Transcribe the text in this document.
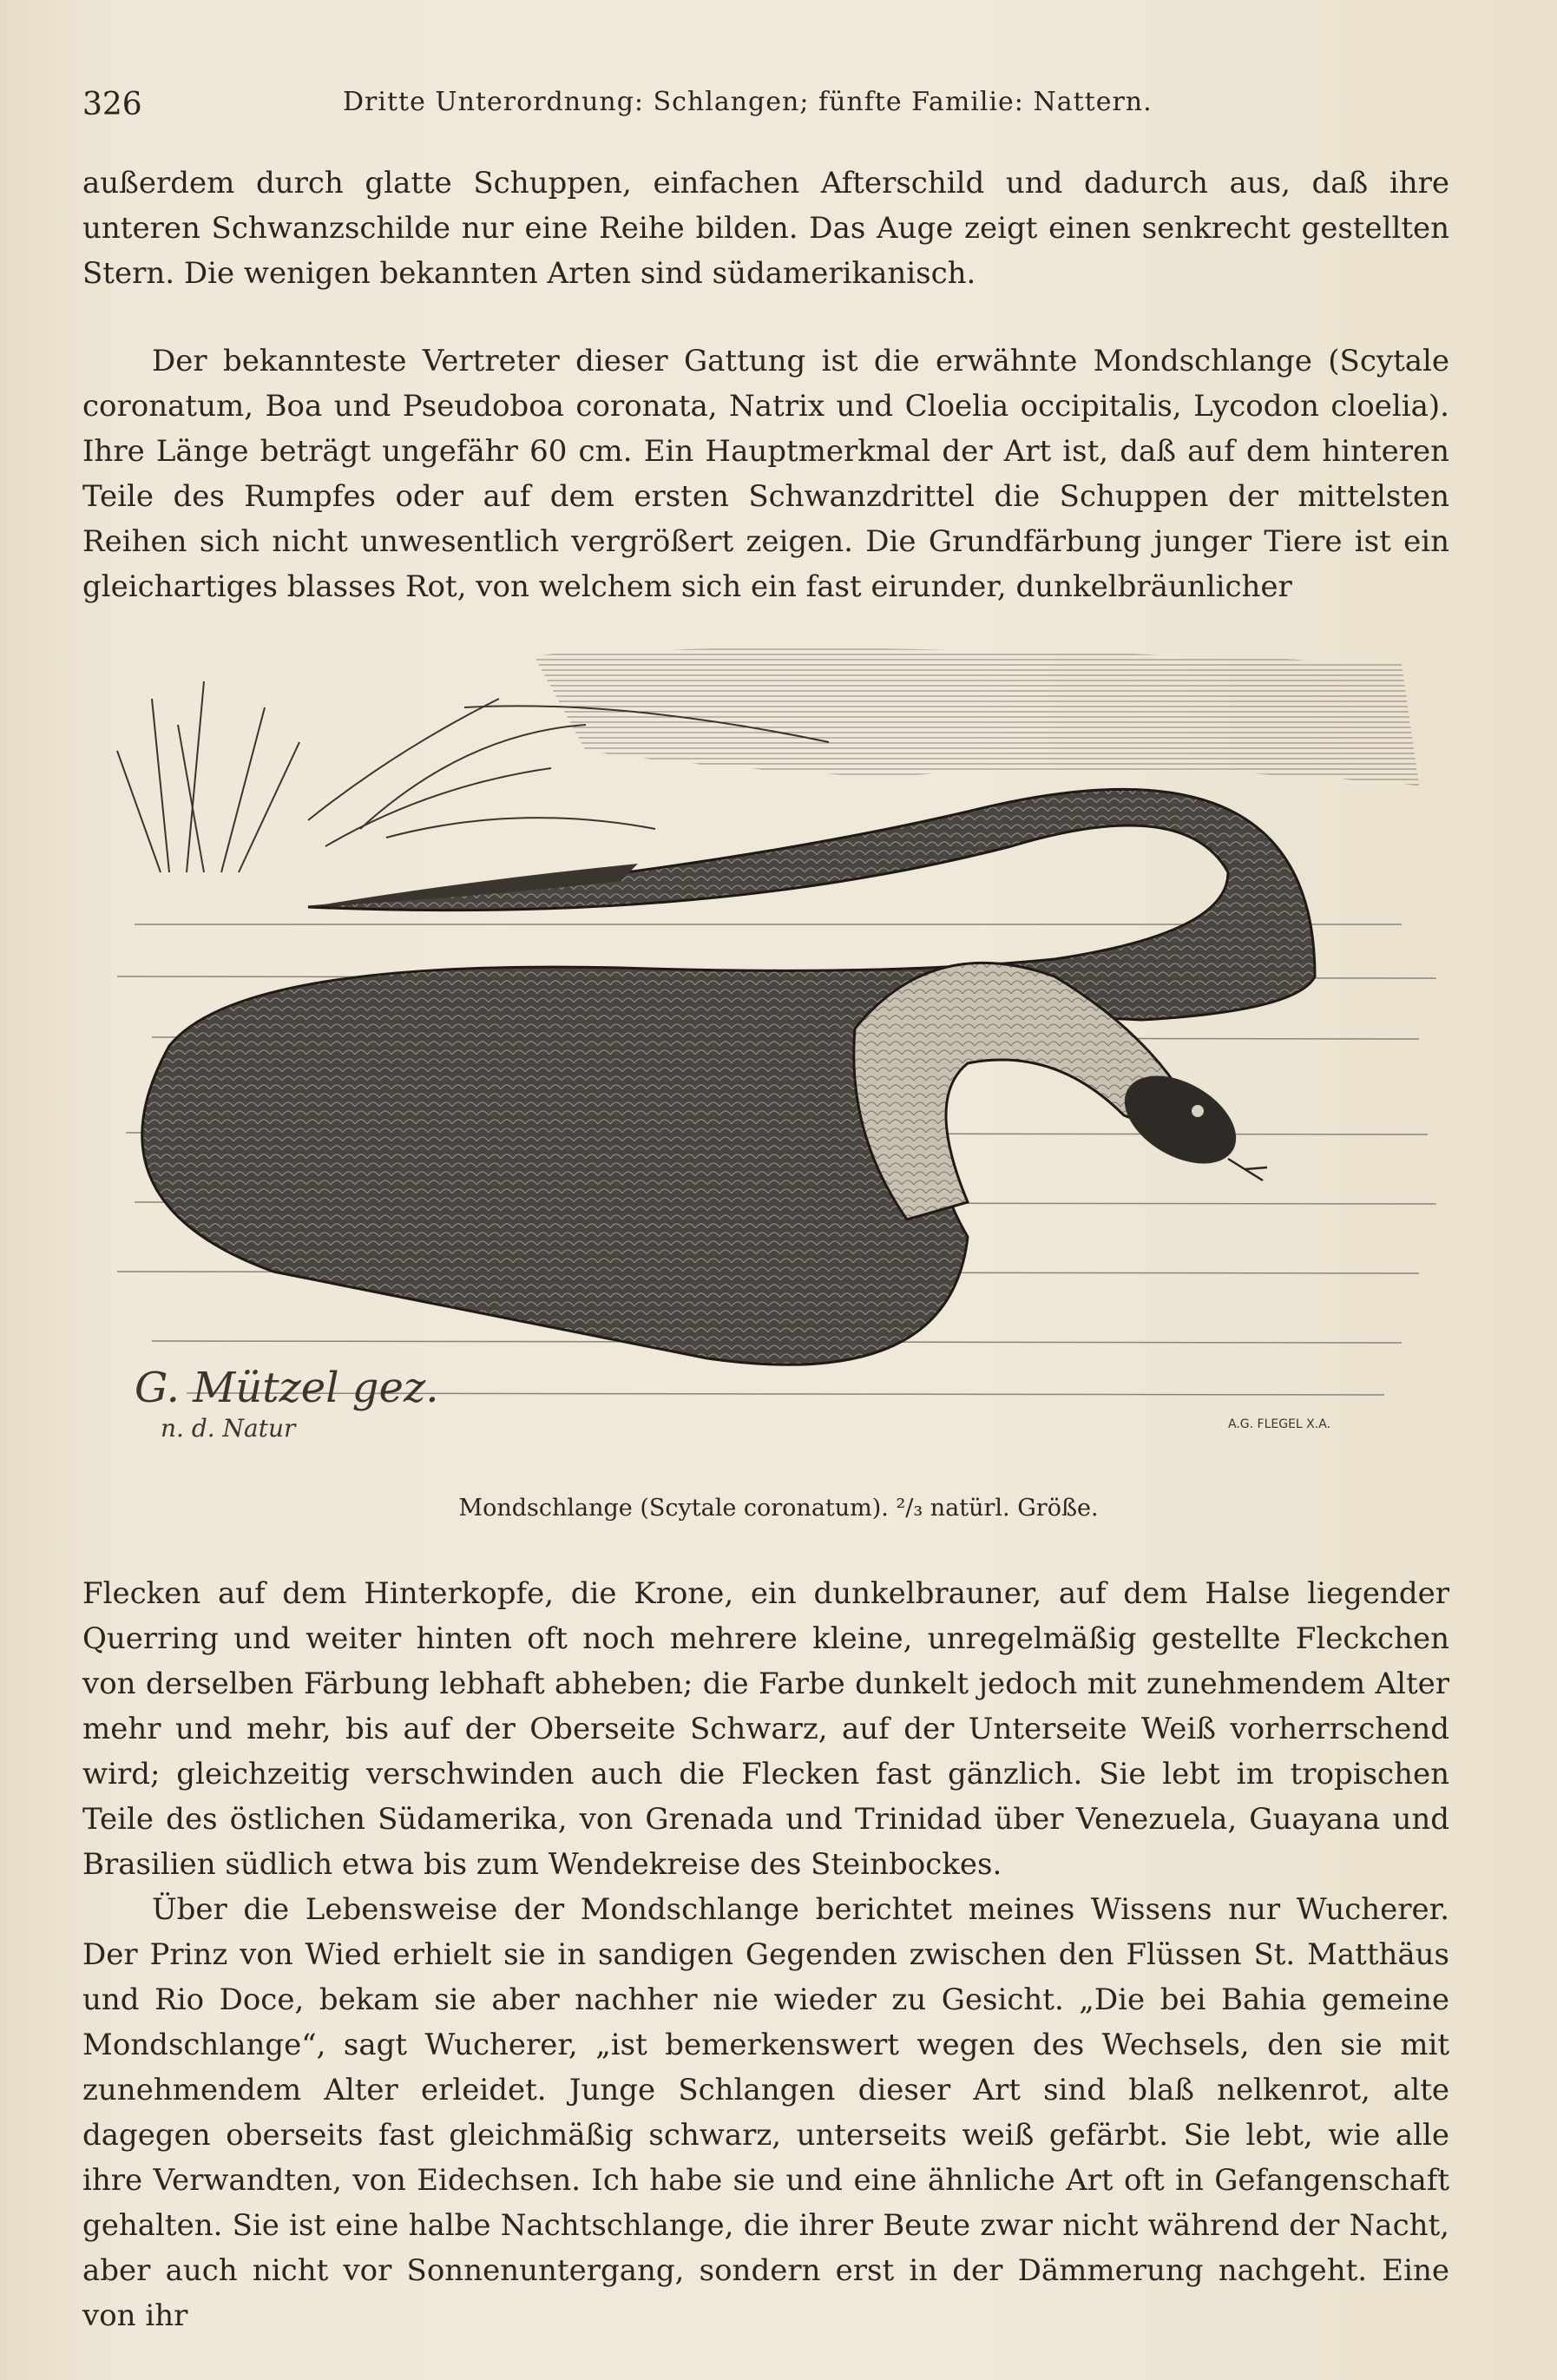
326	Dritte Unterordnung: Schlangen; fünfte Familie: Nattern.

außerdem durch glatte Schuppen, einfachen Afterschild und dadurch aus, daß ihre unteren Schwanzschilde nur eine Reihe bilden. Das Auge zeigt einen senkrecht gestellten Stern. Die wenigen bekannten Arten sind südamerikanisch.

Der bekannteste Vertreter dieser Gattung ist die erwähnte Mondschlange (Scytale coronatum, Boa und Pseudoboa coronata, Natrix und Cloelia occipitalis, Lycodon cloelia). Ihre Länge beträgt ungefähr 60 cm. Ein Hauptmerkmal der Art ist, daß auf dem hinteren Teile des Rumpfes oder auf dem ersten Schwanzdrittel die Schuppen der mittelsten Reihen sich nicht unwesentlich vergrößert zeigen. Die Grundfärbung junger Tiere ist ein gleichartiges blasses Rot, von welchem sich ein fast eirunder, dunkelbräunlicher

G. Mützel gez.
n. d. Natur	A.G. FLEGEL X.A.
Mondschlange (Scytale coronatum). ²/₃ natürl. Größe.

Flecken auf dem Hinterkopfe, die Krone, ein dunkelbrauner, auf dem Halse liegender Querring und weiter hinten oft noch mehrere kleine, unregelmäßig gestellte Fleckchen von derselben Färbung lebhaft abheben; die Farbe dunkelt jedoch mit zunehmendem Alter mehr und mehr, bis auf der Oberseite Schwarz, auf der Unterseite Weiß vorherrschend wird; gleichzeitig verschwinden auch die Flecken fast gänzlich. Sie lebt im tropischen Teile des östlichen Südamerika, von Grenada und Trinidad über Venezuela, Guayana und Brasilien südlich etwa bis zum Wendekreise des Steinbockes.

Über die Lebensweise der Mondschlange berichtet meines Wissens nur Wucherer. Der Prinz von Wied erhielt sie in sandigen Gegenden zwischen den Flüssen St. Matthäus und Rio Doce, bekam sie aber nachher nie wieder zu Gesicht. „Die bei Bahia gemeine Mondschlange“, sagt Wucherer, „ist bemerkenswert wegen des Wechsels, den sie mit zunehmendem Alter erleidet. Junge Schlangen dieser Art sind blaß nelkenrot, alte dagegen oberseits fast gleichmäßig schwarz, unterseits weiß gefärbt. Sie lebt, wie alle ihre Verwandten, von Eidechsen. Ich habe sie und eine ähnliche Art oft in Gefangenschaft gehalten. Sie ist eine halbe Nachtschlange, die ihrer Beute zwar nicht während der Nacht, aber auch nicht vor Sonnenuntergang, sondern erst in der Dämmerung nachgeht. Eine von ihr
